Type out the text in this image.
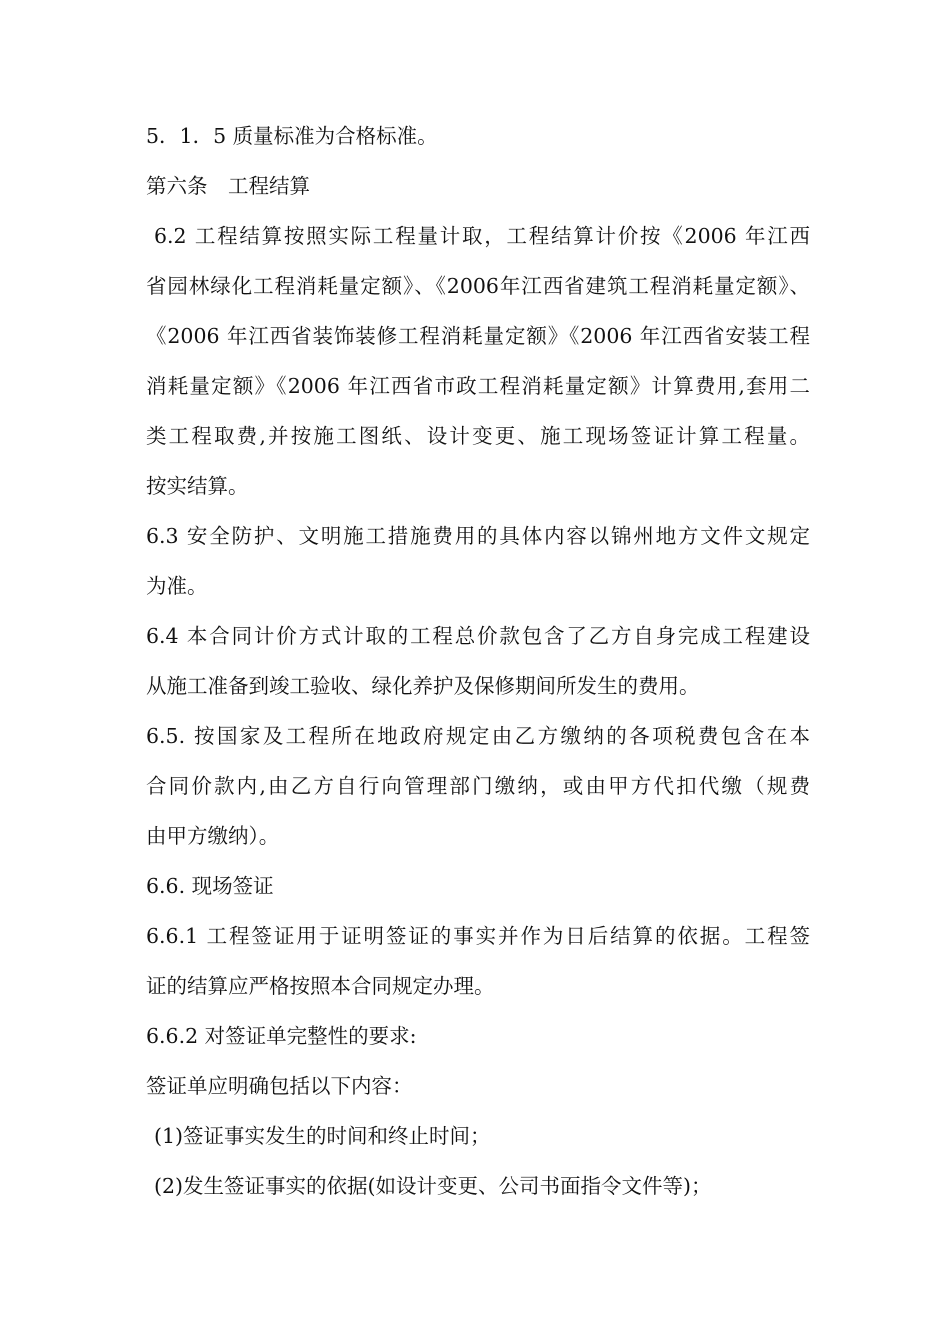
5．1．5 质量标准为合格标准。
第六条　工程结算
6.2 工程结算按照实际工程量计取，工程结算计价按《2006 年江西
省园林绿化工程消耗量定额》、《2006年江西省建筑工程消耗量定额》、
《2006 年江西省装饰装修工程消耗量定额》《2006 年江西省安装工程
消耗量定额》《2006 年江西省市政工程消耗量定额》计算费用,套用二
类工程取费,并按施工图纸、设计变更、施工现场签证计算工程量。
按实结算。
6.3 安全防护、文明施工措施费用的具体内容以锦州地方文件文规定
为准。
6.4 本合同计价方式计取的工程总价款包含了乙方自身完成工程建设
从施工准备到竣工验收、绿化养护及保修期间所发生的费用。
6.5. 按国家及工程所在地政府规定由乙方缴纳的各项税费包含在本
合同价款内,由乙方自行向管理部门缴纳，或由甲方代扣代缴（规费
由甲方缴纳）。
6.6. 现场签证
6.6.1 工程签证用于证明签证的事实并作为日后结算的依据。工程签
证的结算应严格按照本合同规定办理。
6.6.2 对签证单完整性的要求:
签证单应明确包括以下内容：
(1)签证事实发生的时间和终止时间；
(2)发生签证事实的依据(如设计变更、公司书面指令文件等)；
